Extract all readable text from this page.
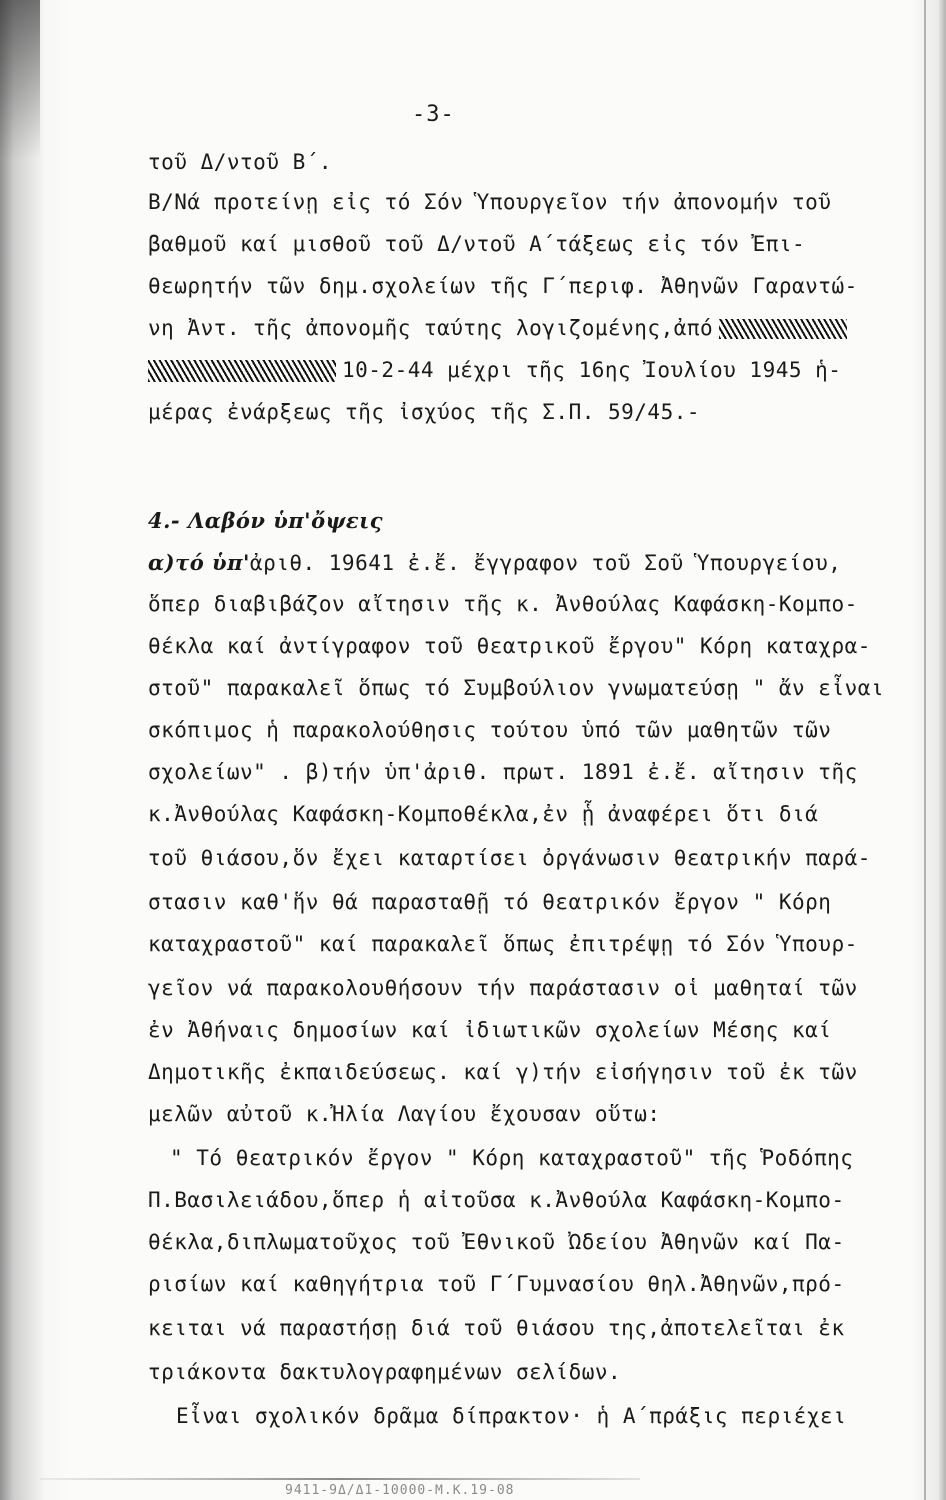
-3-
τοῦ Δ/ντοῦ Β΄.
Β/Νά προτείνῃ εἰς τό Σόν Ὑπουργεῖον τήν ἀπονομήν τοῦ
βαθμοῦ καί μισθοῦ τοῦ Δ/ντοῦ Α΄τάξεως εἰς τόν Ἐπι-
θεωρητήν τῶν δημ.σχολείων τῆς Γ΄περιφ. Ἀθηνῶν Γαραντώ-
νη Ἀντ. τῆς ἀπονομῆς ταύτης λογιζομένης,ἀπό
10-2-44 μέχρι τῆς 16ης Ἰουλίου 1945 ἡ-
μέρας ἐνάρξεως τῆς ἰσχύος τῆς Σ.Π. 59/45.-
4.- Λαβόν ὑπ'ὄψεις
α)τό ὑπ'ἀριθ. 19641 ἐ.ἔ. ἔγγραφον τοῦ Σοῦ Ὑπουργείου,
ὅπερ διαβιβάζον αἴτησιν τῆς κ. Ἀνθούλας Καφάσκη-Κομπο-
θέκλα καί ἀντίγραφον τοῦ θεατρικοῦ ἔργου" Κόρη καταχρα-
στοῦ" παρακαλεῖ ὅπως τό Συμβούλιον γνωματεύσῃ " ἄν εἶναι
σκόπιμος ἡ παρακολούθησις τούτου ὑπό τῶν μαθητῶν τῶν
σχολείων" . β)τήν ὑπ'ἀριθ. πρωτ. 1891 ἐ.ἔ. αἴτησιν τῆς
κ.Ἀνθούλας Καφάσκη-Κομποθέκλα,ἐν ᾗ ἀναφέρει ὅτι διά
τοῦ θιάσου,ὅν ἔχει καταρτίσει ὀργάνωσιν θεατρικήν παρά-
στασιν καθ'ἥν θά παρασταθῇ τό θεατρικόν ἔργον " Κόρη
καταχραστοῦ" καί παρακαλεῖ ὅπως ἐπιτρέψῃ τό Σόν Ὑπουρ-
γεῖον νά παρακολουθήσουν τήν παράστασιν οἱ μαθηταί τῶν
ἐν Ἀθήναις δημοσίων καί ἰδιωτικῶν σχολείων Μέσης καί
Δημοτικῆς ἐκπαιδεύσεως. καί γ)τήν εἰσήγησιν τοῦ ἐκ τῶν
μελῶν αὐτοῦ κ.Ἠλία Λαγίου ἔχουσαν οὕτω:
" Τό θεατρικόν ἔργον " Κόρη καταχραστοῦ" τῆς Ῥοδόπης
Π.Βασιλειάδου,ὅπερ ἡ αἰτοῦσα κ.Ἀνθούλα Καφάσκη-Κομπο-
θέκλα,διπλωματοῦχος τοῦ Ἐθνικοῦ Ὠδείου Ἀθηνῶν καί Πα-
ρισίων καί καθηγήτρια τοῦ Γ΄Γυμνασίου θηλ.Ἀθηνῶν,πρό-
κειται νά παραστήσῃ διά τοῦ θιάσου της,ἀποτελεῖται ἐκ
τριάκοντα δακτυλογραφημένων σελίδων.
Εἶναι σχολικόν δρᾶμα δίπρακτον· ἡ Α΄πράξις περιέχει
9411-9Δ/Δ1-10000-Μ.Κ.19-08
